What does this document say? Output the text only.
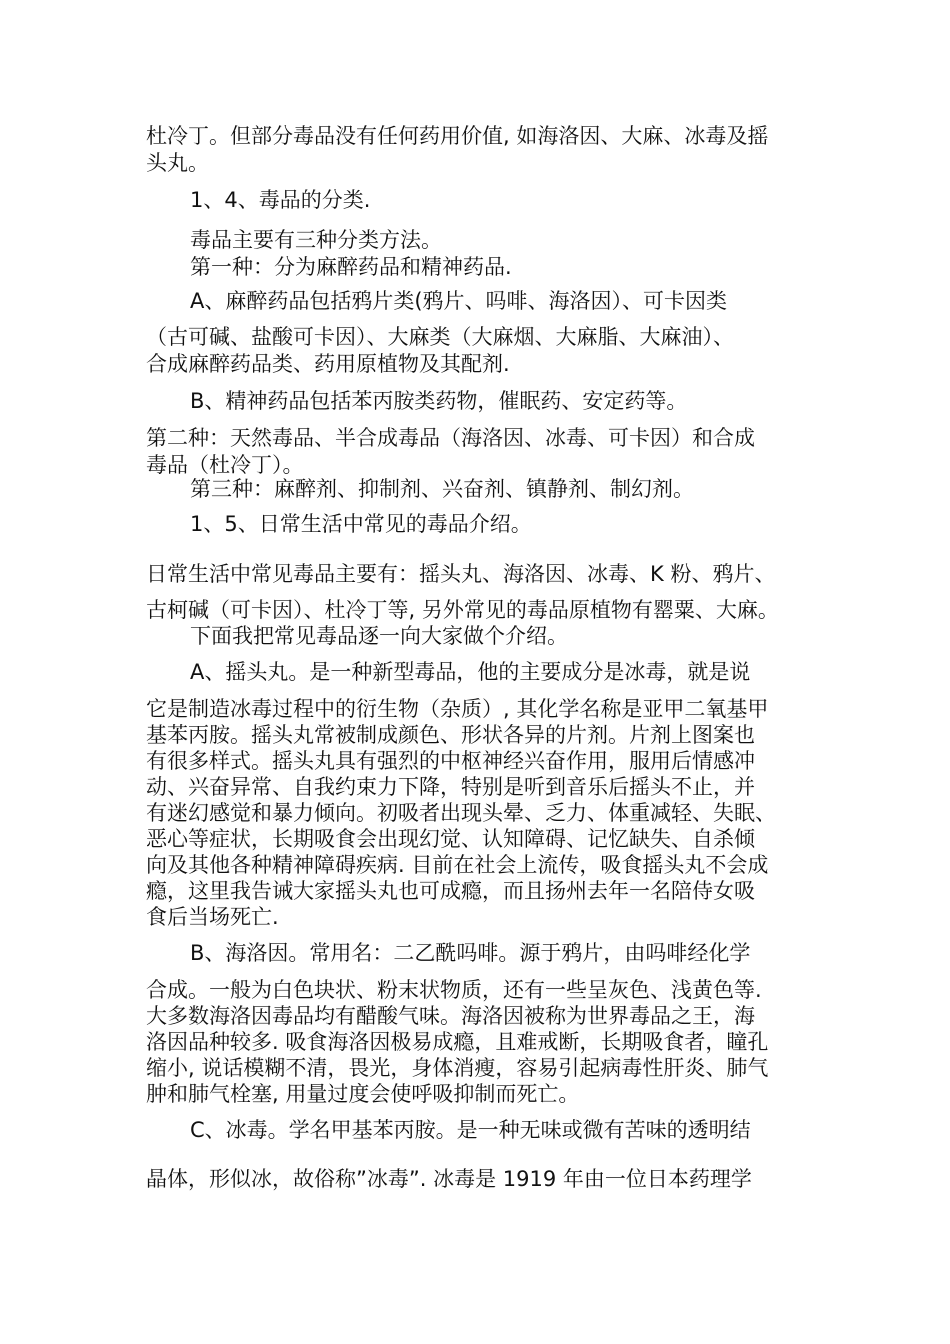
杜冷丁。但部分毒品没有任何药用价值, 如海洛因、大麻、冰毒及摇

头丸。

1、4、毒品的分类.

毒品主要有三种分类方法。

第一种：分为麻醉药品和精神药品.

A、麻醉药品包括鸦片类(鸦片、吗啡、海洛因）、可卡因类

（古可碱、盐酸可卡因）、大麻类（大麻烟、大麻脂、大麻油）、

合成麻醉药品类、药用原植物及其配剂.

B、精神药品包括苯丙胺类药物，催眠药、安定药等。

第二种：天然毒品、半合成毒品（海洛因、冰毒、可卡因）和合成

毒品（杜冷丁）。

第三种：麻醉剂、抑制剂、兴奋剂、镇静剂、制幻剂。

1、5、日常生活中常见的毒品介绍。

日常生活中常见毒品主要有：摇头丸、海洛因、冰毒、K 粉、鸦片、

古柯碱（可卡因）、杜冷丁等, 另外常见的毒品原植物有罂粟、大麻。

下面我把常见毒品逐一向大家做个介绍。

A、摇头丸。是一种新型毒品，他的主要成分是冰毒，就是说

它是制造冰毒过程中的衍生物（杂质）, 其化学名称是亚甲二氧基甲

基苯丙胺。摇头丸常被制成颜色、形状各异的片剂。片剂上图案也

有很多样式。摇头丸具有强烈的中枢神经兴奋作用，服用后情感冲

动、兴奋异常、自我约束力下降，特别是听到音乐后摇头不止，并

有迷幻感觉和暴力倾向。初吸者出现头晕、乏力、体重减轻、失眠、

恶心等症状，长期吸食会出现幻觉、认知障碍、记忆缺失、自杀倾

向及其他各种精神障碍疾病. 目前在社会上流传，吸食摇头丸不会成

瘾，这里我告诫大家摇头丸也可成瘾，而且扬州去年一名陪侍女吸

食后当场死亡.

B、海洛因。常用名：二乙酰吗啡。源于鸦片，由吗啡经化学

合成。一般为白色块状、粉末状物质，还有一些呈灰色、浅黄色等.

大多数海洛因毒品均有醋酸气味。海洛因被称为世界毒品之王，海

洛因品种较多. 吸食海洛因极易成瘾，且难戒断，长期吸食者，瞳孔

缩小, 说话模糊不清，畏光，身体消瘦，容易引起病毒性肝炎、肺气

肿和肺气栓塞, 用量过度会使呼吸抑制而死亡。

C、冰毒。学名甲基苯丙胺。是一种无味或微有苦味的透明结

晶体，形似冰，故俗称”冰毒”. 冰毒是 1919 年由一位日本药理学
